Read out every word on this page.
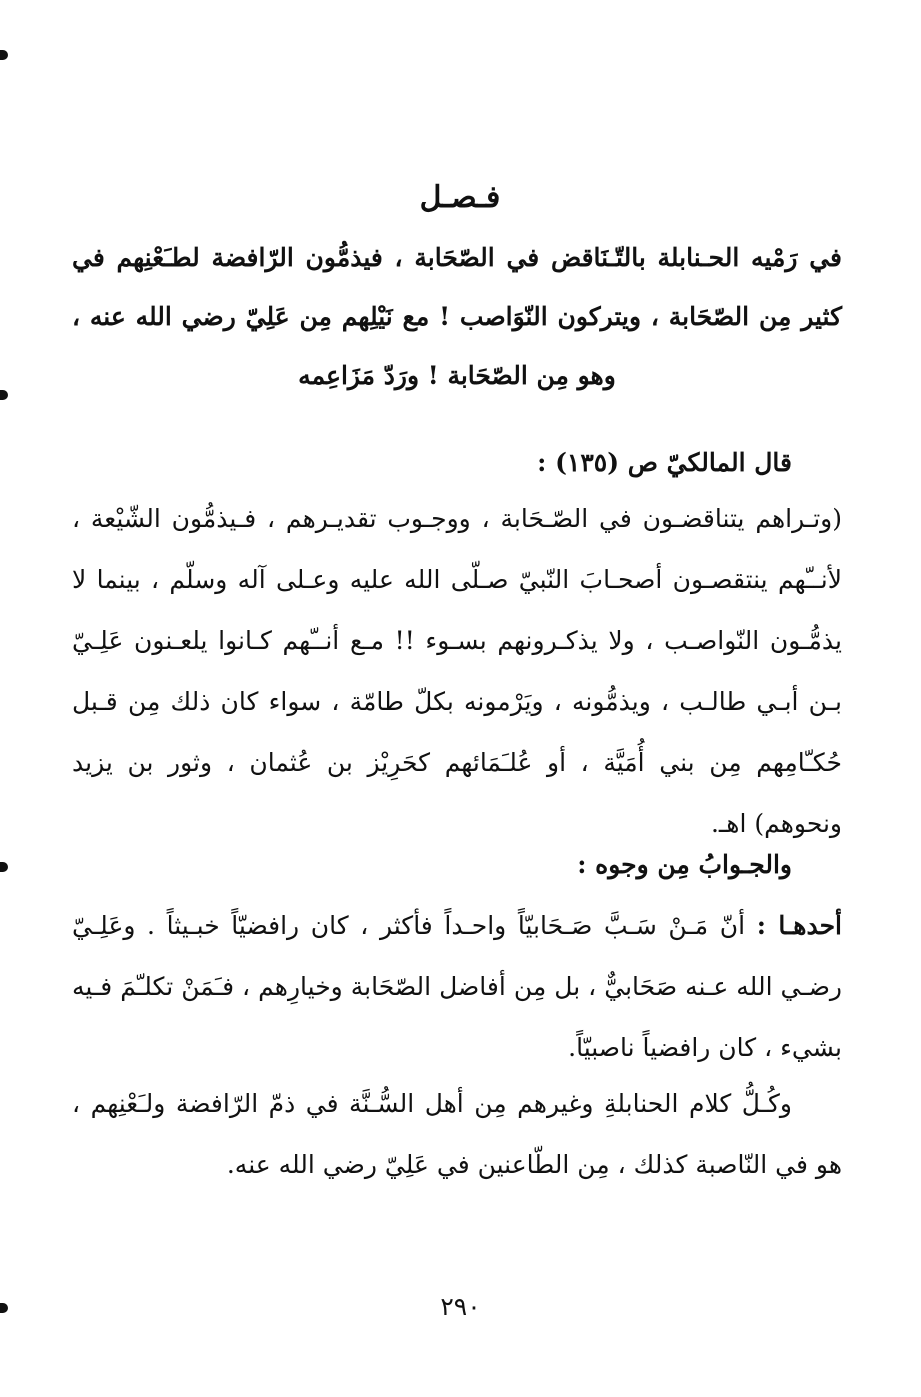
فـصـل

في رَمْيه الحـنابلة بالتّـنَاقض في الصّحَابة ، فيذمُّون الرّافضة لطـَعْنِهم في كثير مِن الصّحَابة ، ويتركون النّوَاصب ! مع نَيْلِهم مِن عَلِيّ رضي الله عنه ، وهو مِن الصّحَابة ! ورَدّ مَزَاعِمه

قال المالكيّ ص (١٣٥) :

(وتـراهم يتناقضـون في الصّـحَابة ، ووجـوب تقديـرهم ، فـيذمُّون الشّيْعة ، لأنــّهم ينتقصـون أصحـابَ النّبيّ صـلّى الله عليه وعـلى آله وسلّم ، بينما لا يذمُّـون النّواصـب ، ولا يذكـرونهم بسـوء !! مـع أنــّهم كـانوا يلعـنون عَلِـيّ بـن أبـي طالـب ، ويذمُّونه ، ويَرْمونه بكلّ طامّة ، سواء كان ذلك مِن قـبل حُكـّامِهم مِن بني أُمَيَّة ، أو عُلـَمَائهم كحَرِيْز بن عُثمان ، وثور بن يزيد ونحوهم) اهـ.

والجـوابُ مِن وجوه :

أحدهـا : أنّ مَـنْ سَـبَّ صَـحَابيّاً واحـداً فأكثر ، كان رافضيّاً خبـيثاً . وعَلِـيّ رضـي الله عـنه صَحَابيٌّ ، بل مِن أفاضل الصّحَابة وخيارِهم ، فـَمَنْ تكلـّمَ فـيه بشيء ، كان رافضياً ناصبيّاً.

وكُـلُّ كلام الحنابلةِ وغيرهم مِن أهل السُّـنَّة في ذمّ الرّافضة ولـَعْنِهم ، هو في النّاصبة كذلك ، مِن الطّاعنين في عَلِيّ رضي الله عنه.

٢٩٠
